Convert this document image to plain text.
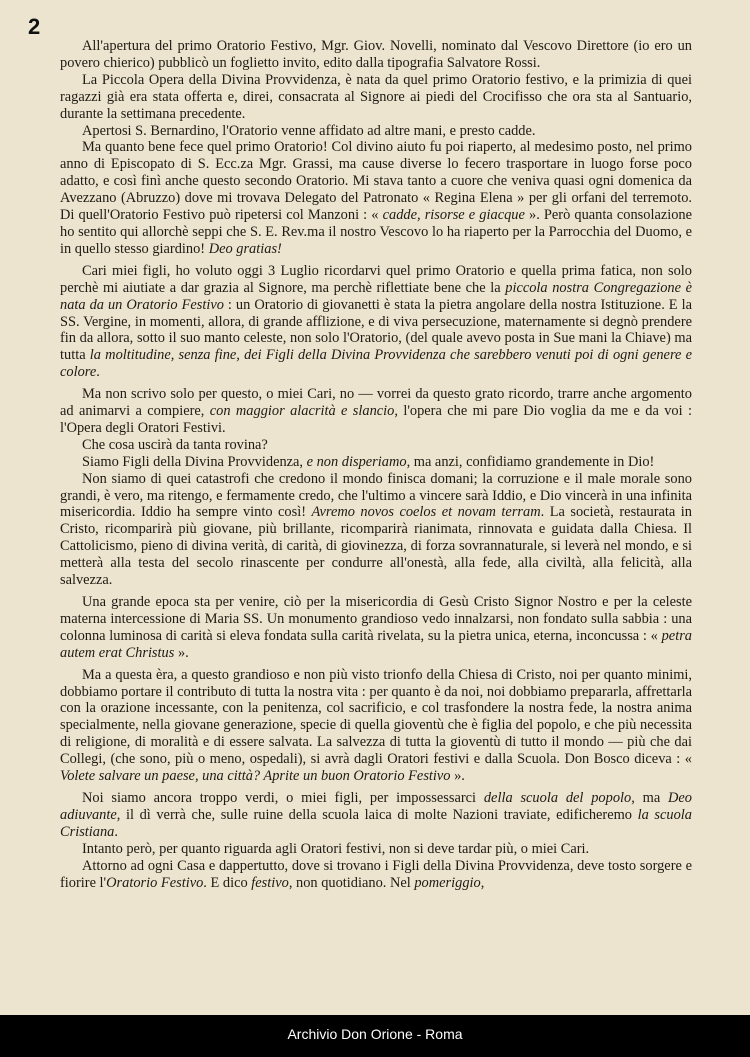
2

All'apertura del primo Oratorio Festivo, Mgr. Giov. Novelli, nominato dal Vescovo Direttore (io ero un povero chierico) pubblicò un foglietto invito, edito dalla tipografia Salvatore Rossi.

La Piccola Opera della Divina Provvidenza, è nata da quel primo Oratorio festivo, e la primizia di quei ragazzi già era stata offerta e, direi, consacrata al Signore ai piedi del Crocifisso che ora sta al Santuario, durante la settimana precedente.

Apertosi S. Bernardino, l'Oratorio venne affidato ad altre mani, e presto cadde.

Ma quanto bene fece quel primo Oratorio! Col divino aiuto fu poi riaperto, al medesimo posto, nel primo anno di Episcopato di S. Ecc.za Mgr. Grassi, ma cause diverse lo fecero trasportare in luogo forse poco adatto, e così finì anche questo secondo Oratorio. Mi stava tanto a cuore che veniva quasi ogni domenica da Avezzano (Abruzzo) dove mi trovava Delegato del Patronato « Regina Elena » per gli orfani del terremoto. Di quell'Oratorio Festivo può ripetersi col Manzoni : « cadde, risorse e giacque ». Però quanta consolazione ho sentito qui allorchè seppi che S. E. Rev.ma il nostro Vescovo lo ha riaperto per la Parrocchia del Duomo, e in quello stesso giardino! Deo gratias!

Cari miei figli, ho voluto oggi 3 Luglio ricordarvi quel primo Oratorio e quella prima fatica, non solo perchè mi aiutiate a dar grazia al Signore, ma perchè riflettiate bene che la piccola nostra Congregazione è nata da un Oratorio Festivo : un Oratorio di giovanetti è stata la pietra angolare della nostra Istituzione. E la SS. Vergine, in momenti, allora, di grande afflizione, e di viva persecuzione, maternamente si degnò prendere fin da allora, sotto il suo manto celeste, non solo l'Oratorio, (del quale avevo posta in Sue mani la Chiave) ma tutta la moltitudine, senza fine, dei Figli della Divina Provvidenza che sarebbero venuti poi di ogni genere e colore.

Ma non scrivo solo per questo, o miei Cari, no — vorrei da questo grato ricordo, trarre anche argomento ad animarvi a compiere, con maggior alacrità e slancio, l'opera che mi pare Dio voglia da me e da voi : l'Opera degli Oratori Festivi.

Che cosa uscirà da tanta rovina?

Siamo Figli della Divina Provvidenza, e non disperiamo, ma anzi, confidiamo grandemente in Dio!

Non siamo di quei catastrofi che credono il mondo finisca domani; la corruzione e il male morale sono grandi, è vero, ma ritengo, e fermamente credo, che l'ultimo a vincere sarà Iddio, e Dio vincerà in una infinita misericordia. Iddio ha sempre vinto così! Avremo novos coelos et novam terram. La società, restaurata in Cristo, ricomparirà più giovane, più brillante, ricomparirà rianimata, rinnovata e guidata dalla Chiesa. Il Cattolicismo, pieno di divina verità, di carità, di giovinezza, di forza sovrannaturale, si leverà nel mondo, e si metterà alla testa del secolo rinascente per condurre all'onestà, alla fede, alla civiltà, alla felicità, alla salvezza.

Una grande epoca sta per venire, ciò per la misericordia di Gesù Cristo Signor Nostro e per la celeste materna intercessione di Maria SS. Un monumento grandioso vedo innalzarsi, non fondato sulla sabbia : una colonna luminosa di carità si eleva fondata sulla carità rivelata, su la pietra unica, eterna, inconcussa : « petra autem erat Christus ».

Ma a questa èra, a questo grandioso e non più visto trionfo della Chiesa di Cristo, noi per quanto minimi, dobbiamo portare il contributo di tutta la nostra vita : per quanto è da noi, noi dobbiamo prepararla, affrettarla con la orazione incessante, con la penitenza, col sacrificio, e col trasfondere la nostra fede, la nostra anima specialmente, nella giovane generazione, specie di quella gioventù che è figlia del popolo, e che più necessita di religione, di moralità e di essere salvata. La salvezza di tutta la gioventù di tutto il mondo — più che dai Collegi, (che sono, più o meno, ospedali), si avrà dagli Oratori festivi e dalla Scuola. Don Bosco diceva : « Volete salvare un paese, una città? Aprite un buon Oratorio Festivo ».

Noi siamo ancora troppo verdi, o miei figli, per impossessarci della scuola del popolo, ma Deo adiuvante, il dì verrà che, sulle ruine della scuola laica di molte Nazioni traviate, edificheremo la scuola Cristiana.

Intanto però, per quanto riguarda agli Oratori festivi, non si deve tardar più, o miei Cari.

Attorno ad ogni Casa e dappertutto, dove si trovano i Figli della Divina Provvidenza, deve tosto sorgere e fiorire l'Oratorio Festivo. E dico festivo, non quotidiano. Nel pomeriggio,

Archivio Don Orione - Roma
